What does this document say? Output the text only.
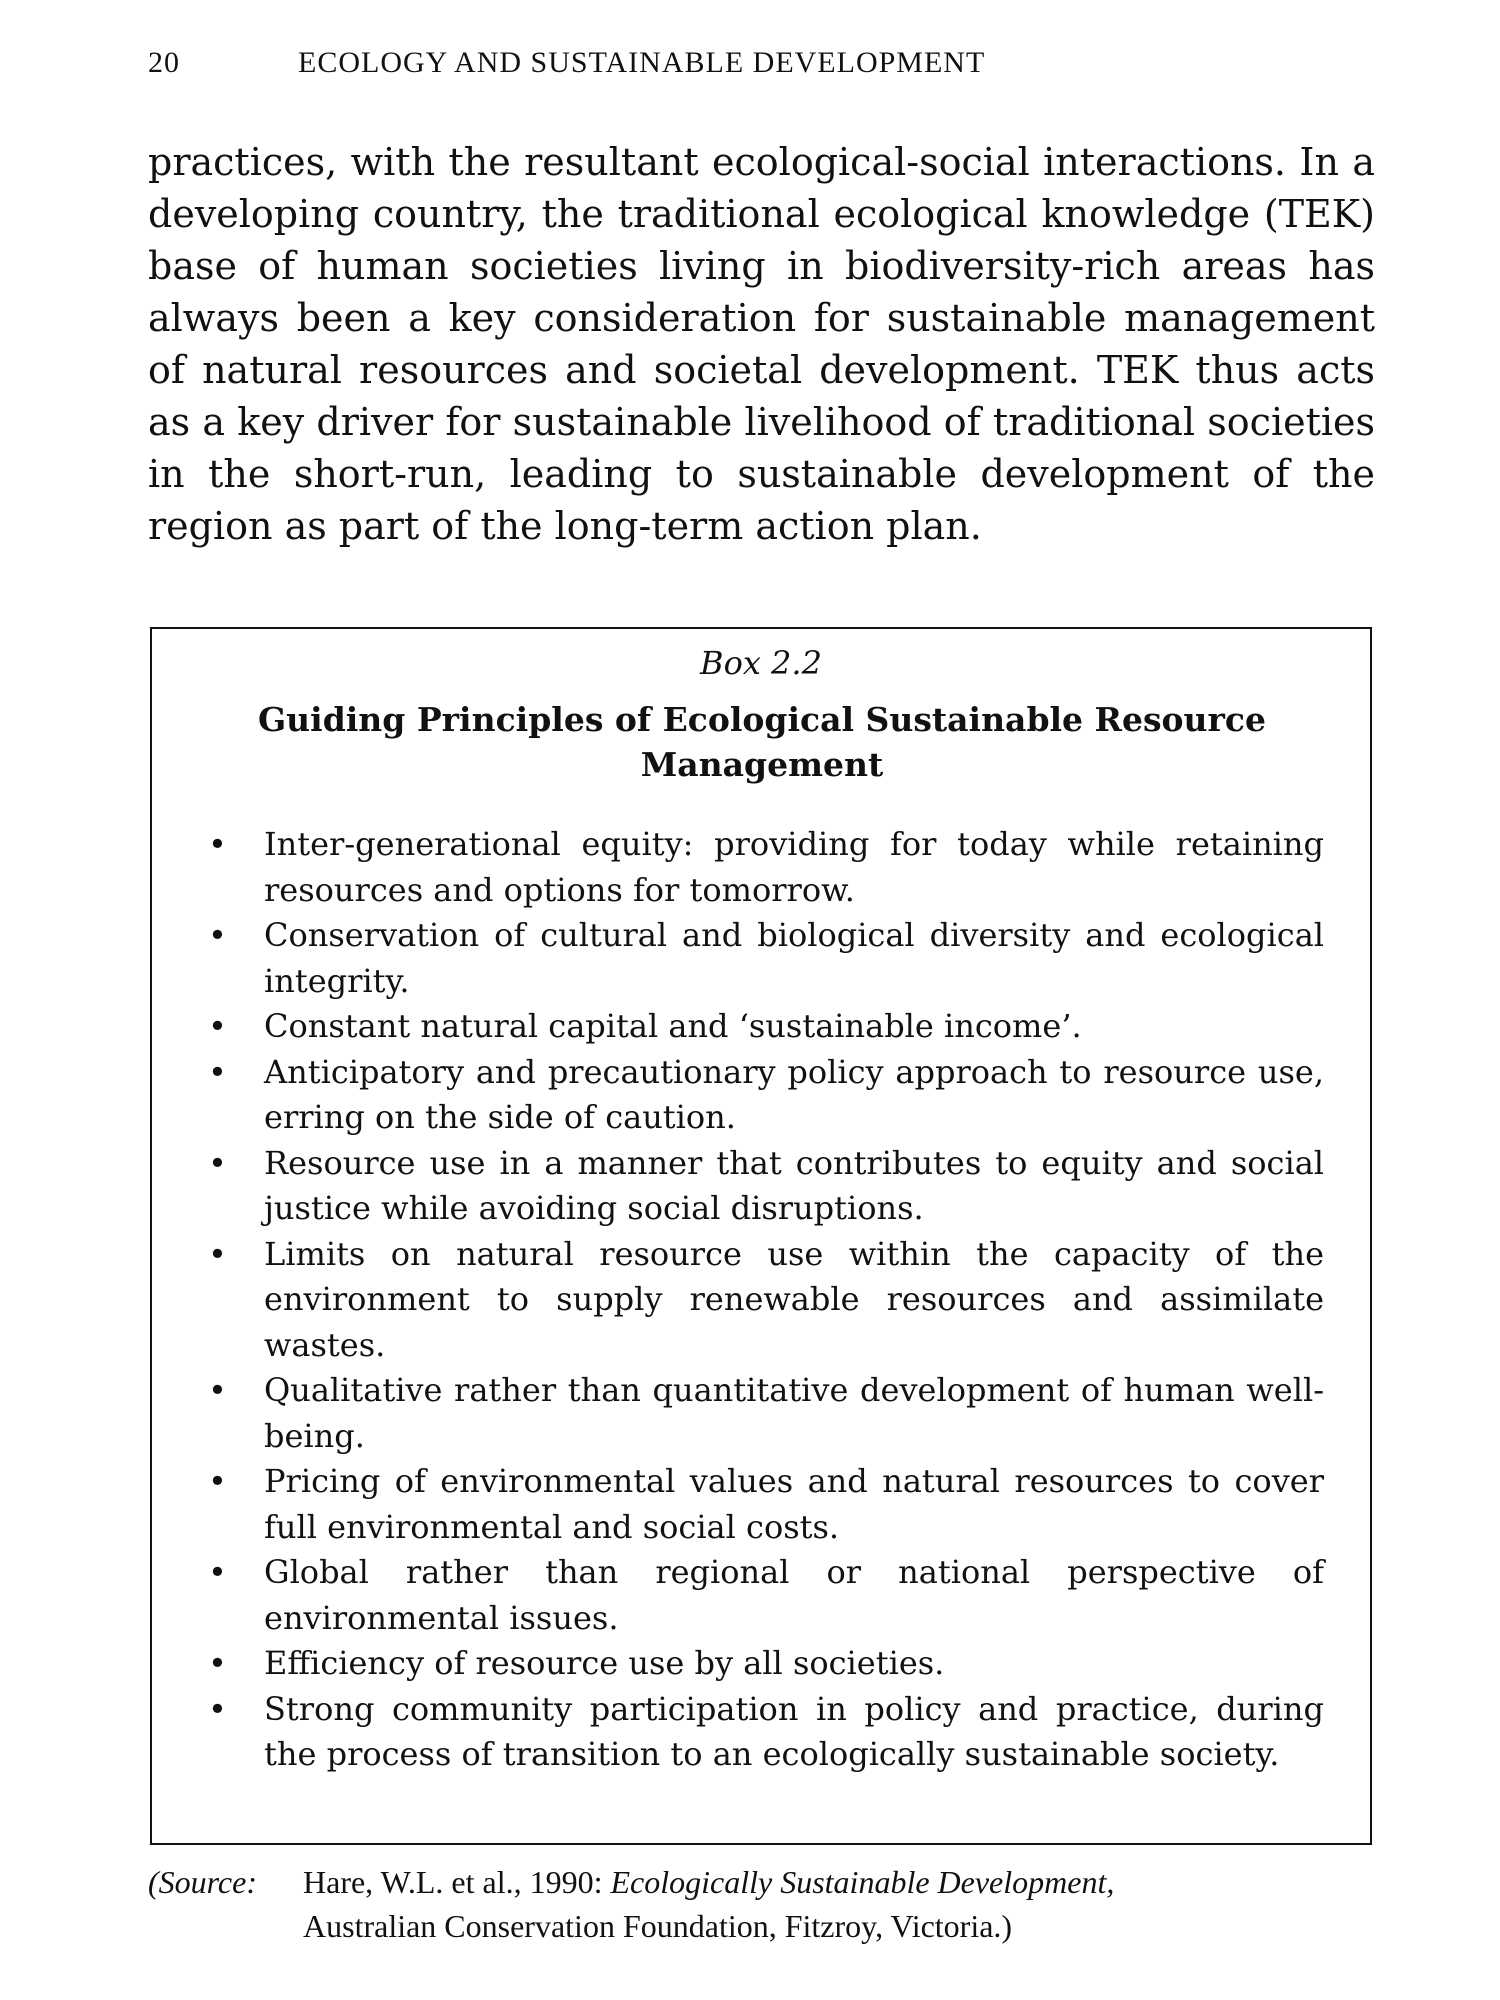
20	ECOLOGY AND SUSTAINABLE DEVELOPMENT

practices, with the resultant ecological-social interactions. In a developing country, the traditional ecological knowledge (TEK) base of human societies living in biodiversity-rich areas has always been a key consideration for sustainable management of natural resources and societal development. TEK thus acts as a key driver for sustainable livelihood of traditional societies in the short-run, leading to sustainable development of the region as part of the long-term action plan.

Box 2.2
Guiding Principles of Ecological Sustainable Resource Management
• Inter-generational equity: providing for today while retaining resources and options for tomorrow.
• Conservation of cultural and biological diversity and ecological integrity.
• Constant natural capital and ‘sustainable income’.
• Anticipatory and precautionary policy approach to resource use, erring on the side of caution.
• Resource use in a manner that contributes to equity and social justice while avoiding social disruptions.
• Limits on natural resource use within the capacity of the environment to supply renewable resources and assimilate wastes.
• Qualitative rather than quantitative development of human well-being.
• Pricing of environmental values and natural resources to cover full environmental and social costs.
• Global rather than regional or national perspective of environmental issues.
• Efficiency of resource use by all societies.
• Strong community participation in policy and practice, during the process of transition to an ecologically sustainable society.
(Source:	Hare, W.L. et al., 1990: Ecologically Sustainable Development,
Australian Conservation Foundation, Fitzroy, Victoria.)
